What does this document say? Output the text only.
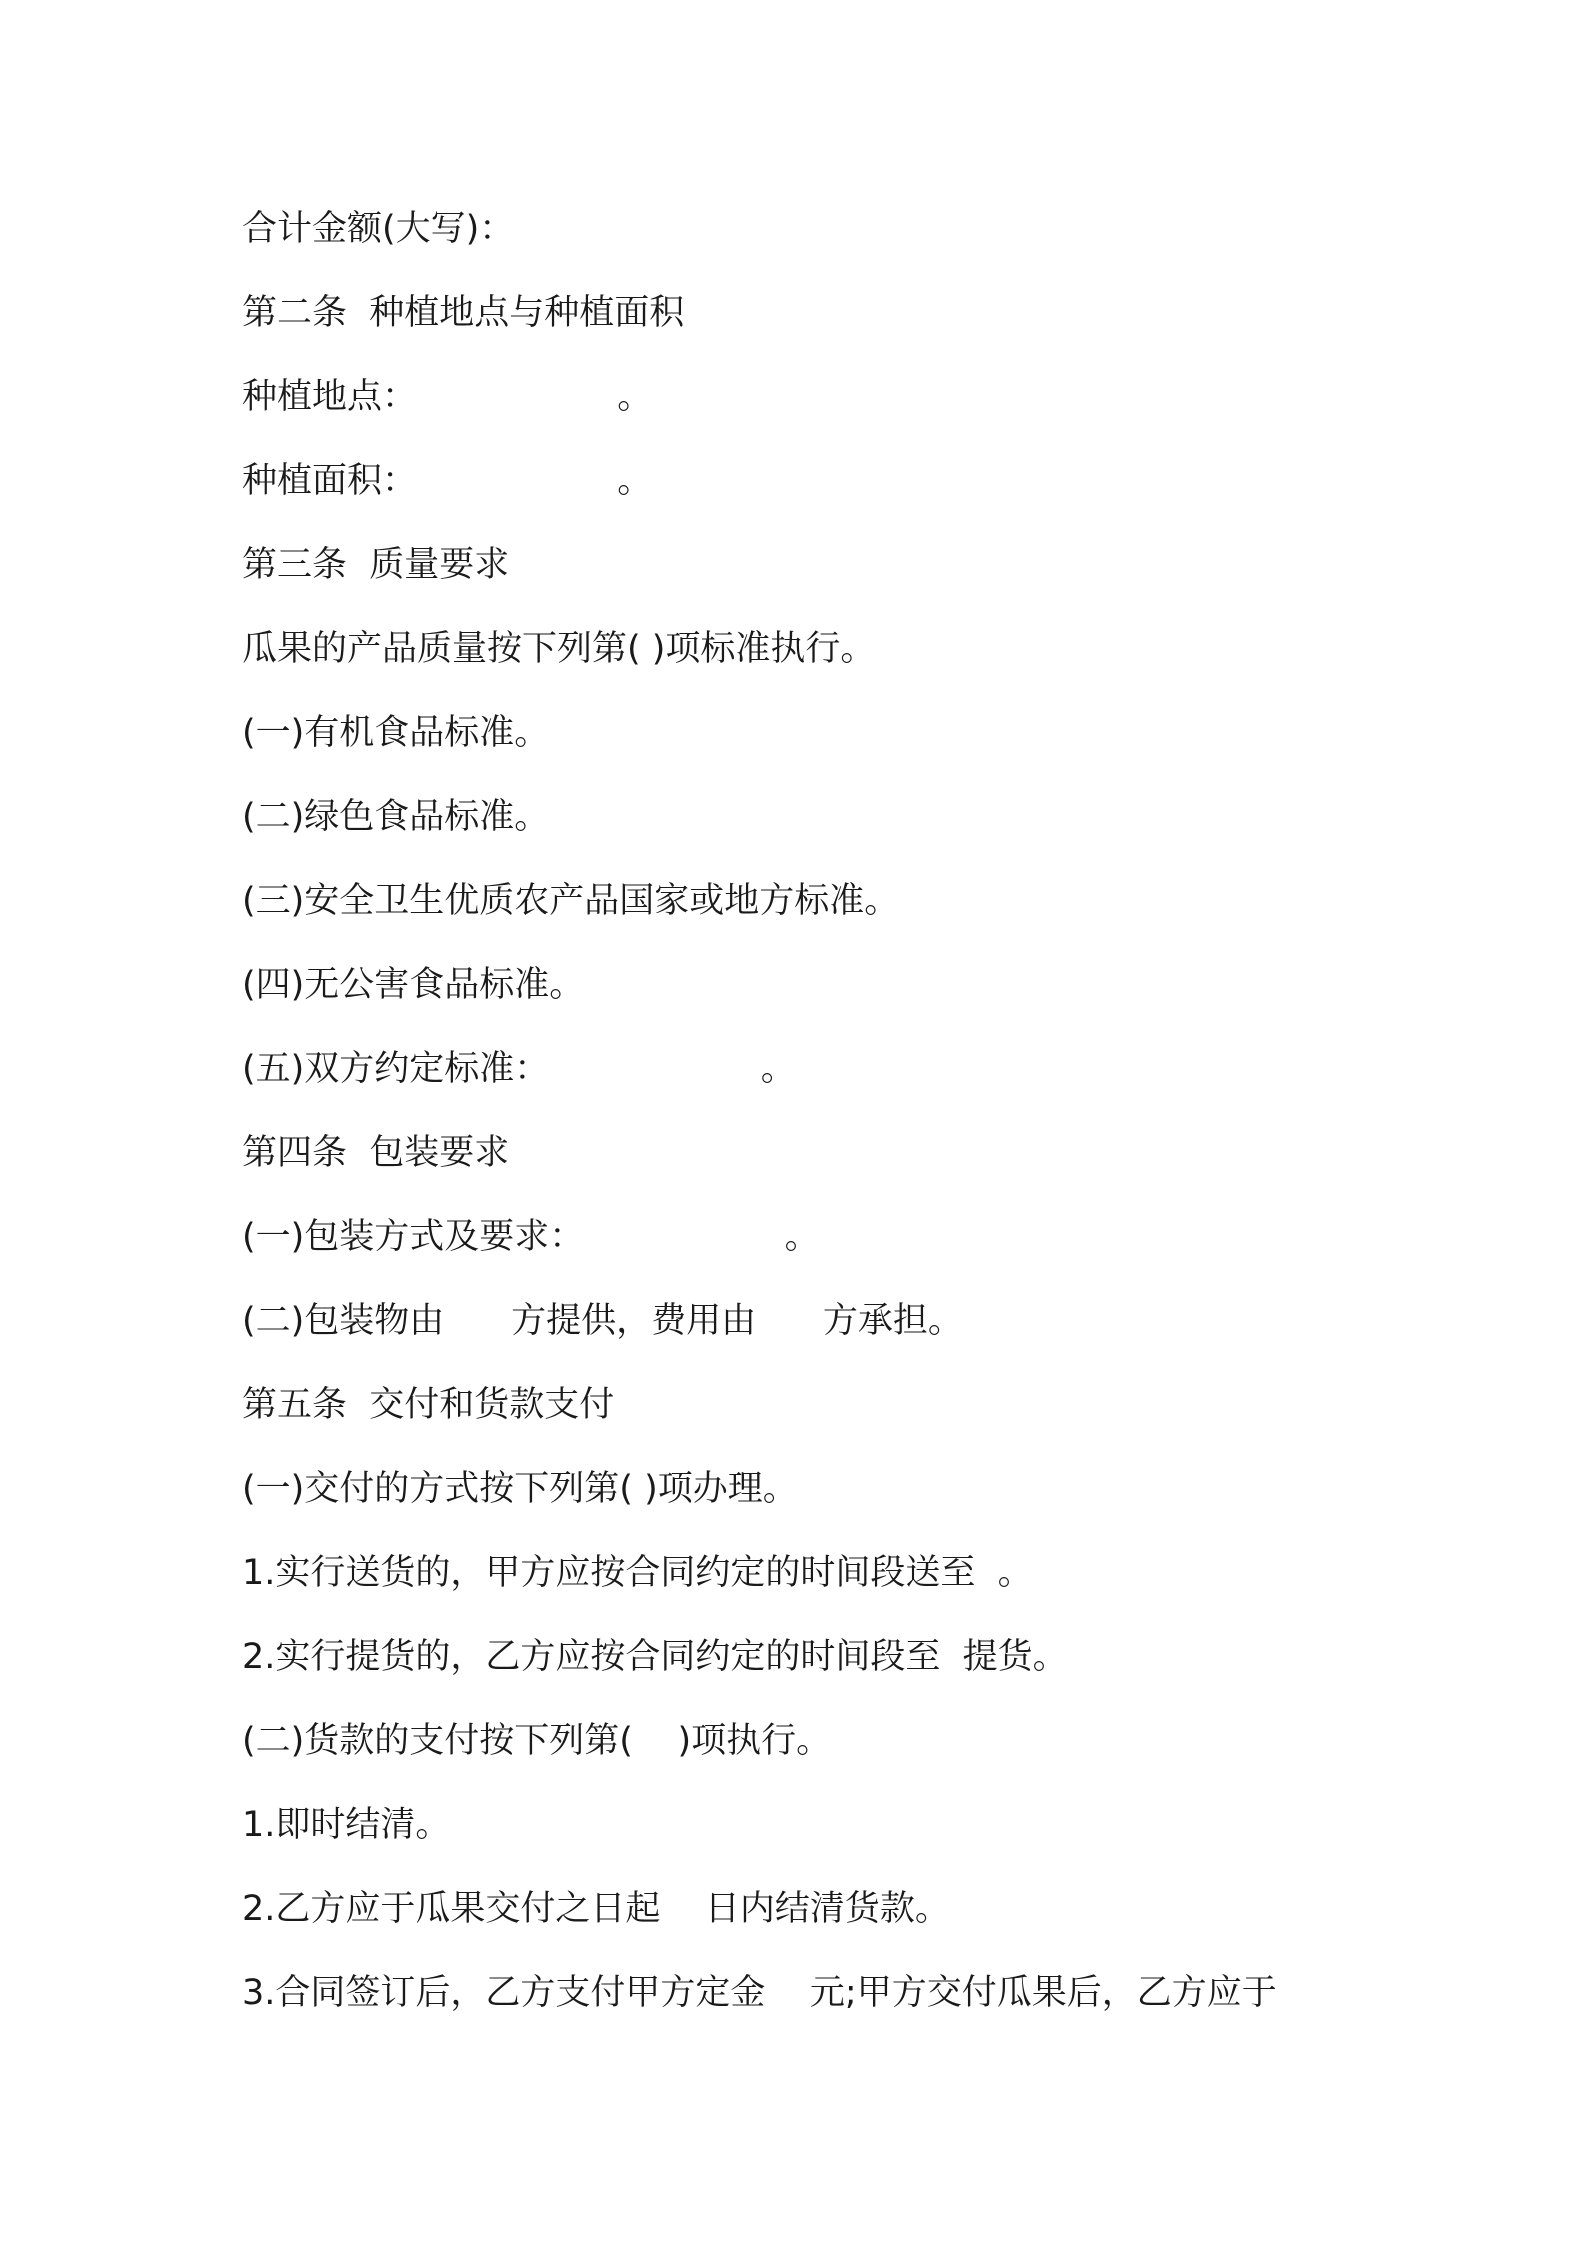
合计金额(大写)：
第二条  种植地点与种植面积
种植地点：                  。
种植面积：                  。
第三条  质量要求
瓜果的产品质量按下列第( )项标准执行。
(一)有机食品标准。
(二)绿色食品标准。
(三)安全卫生优质农产品国家或地方标准。
(四)无公害食品标准。
(五)双方约定标准：                   。
第四条  包装要求
(一)包装方式及要求：                  。
(二)包装物由      方提供，费用由      方承担。
第五条  交付和货款支付
(一)交付的方式按下列第( )项办理。
1.实行送货的，甲方应按合同约定的时间段送至  。
2.实行提货的，乙方应按合同约定的时间段至  提货。
(二)货款的支付按下列第(    )项执行。
1.即时结清。
2.乙方应于瓜果交付之日起    日内结清货款。
3.合同签订后，乙方支付甲方定金    元;甲方交付瓜果后，乙方应于
